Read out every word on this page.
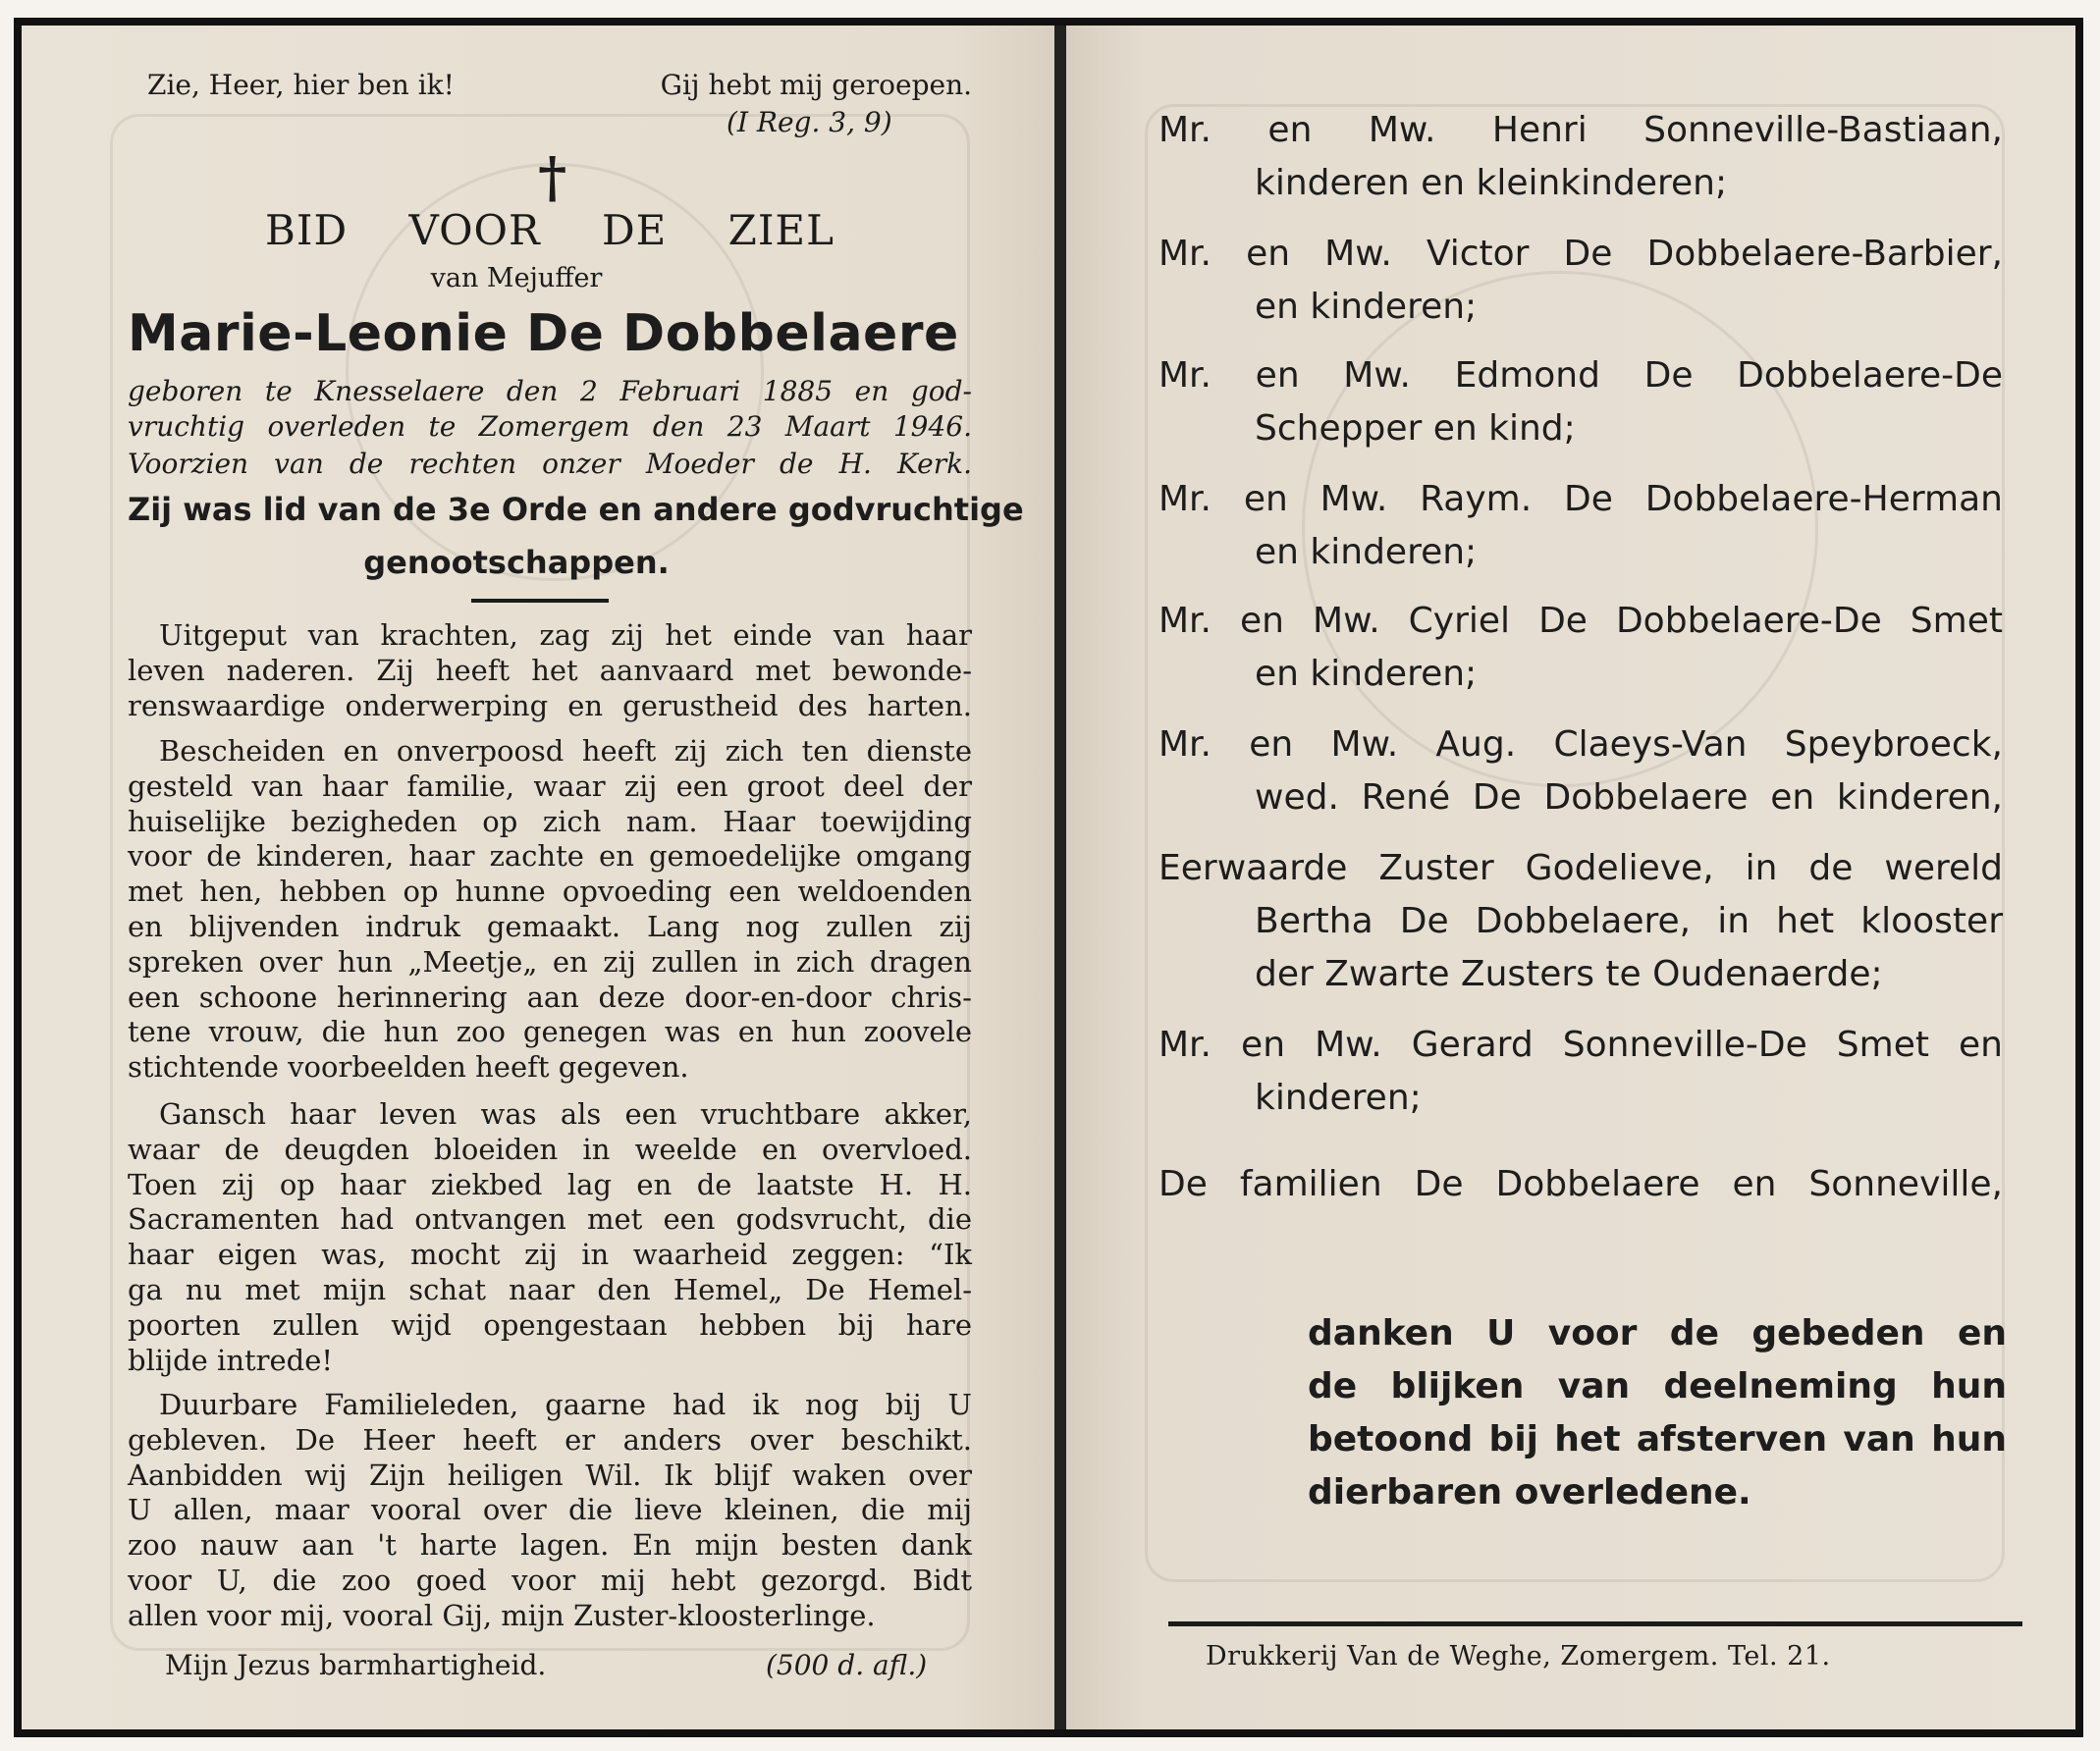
Zie, Heer, hier ben ik!	Gij hebt mij geroepen.
(I Reg. 3, 9)
†
BID VOOR DE ZIEL
van Mejuffer
Marie-Leonie De Dobbelaere
geboren te Knesselaere den 2 Februari 1885 en god-
vruchtig overleden te Zomergem den 23 Maart 1946.
Voorzien van de rechten onzer Moeder de H. Kerk.
Zij was lid van de 3e Orde en andere godvruchtige
genootschappen.
Uitgeput van krachten, zag zij het einde van haar
leven naderen. Zij heeft het aanvaard met bewonde-
renswaardige onderwerping en gerustheid des harten.
Bescheiden en onverpoosd heeft zij zich ten dienste
gesteld van haar familie, waar zij een groot deel der
huiselijke bezigheden op zich nam. Haar toewijding
voor de kinderen, haar zachte en gemoedelijke omgang
met hen, hebben op hunne opvoeding een weldoenden
en blijvenden indruk gemaakt. Lang nog zullen zij
spreken over hun „Meetje„ en zij zullen in zich dragen
een schoone herinnering aan deze door-en-door chris-
tene vrouw, die hun zoo genegen was en hun zoovele
stichtende voorbeelden heeft gegeven.
Gansch haar leven was als een vruchtbare akker,
waar de deugden bloeiden in weelde en overvloed.
Toen zij op haar ziekbed lag en de laatste H. H.
Sacramenten had ontvangen met een godsvrucht, die
haar eigen was, mocht zij in waarheid zeggen: “Ik
ga nu met mijn schat naar den Hemel„ De Hemel-
poorten zullen wijd opengestaan hebben bij hare
blijde intrede!
Duurbare Familieleden, gaarne had ik nog bij U
gebleven. De Heer heeft er anders over beschikt.
Aanbidden wij Zijn heiligen Wil. Ik blijf waken over
U allen, maar vooral over die lieve kleinen, die mij
zoo nauw aan 't harte lagen. En mijn besten dank
voor U, die zoo goed voor mij hebt gezorgd. Bidt
allen voor mij, vooral Gij, mijn Zuster-kloosterlinge.
Mijn Jezus barmhartigheid.	(500 d. afl.)
Mr. en Mw. Henri Sonneville-Bastiaan,
kinderen en kleinkinderen;
Mr. en Mw. Victor De Dobbelaere-Barbier,
en kinderen;
Mr. en Mw. Edmond De Dobbelaere-De
Schepper en kind;
Mr. en Mw. Raym. De Dobbelaere-Herman
en kinderen;
Mr. en Mw. Cyriel De Dobbelaere-De Smet
en kinderen;
Mr. en Mw. Aug. Claeys-Van Speybroeck,
wed. René De Dobbelaere en kinderen,
Eerwaarde Zuster Godelieve, in de wereld
Bertha De Dobbelaere, in het klooster
der Zwarte Zusters te Oudenaerde;
Mr. en Mw. Gerard Sonneville-De Smet en
kinderen;
De familien De Dobbelaere en Sonneville,
danken U voor de gebeden en
de blijken van deelneming hun
betoond bij het afsterven van hun
dierbaren overledene.
Drukkerij Van de Weghe, Zomergem. Tel. 21.
